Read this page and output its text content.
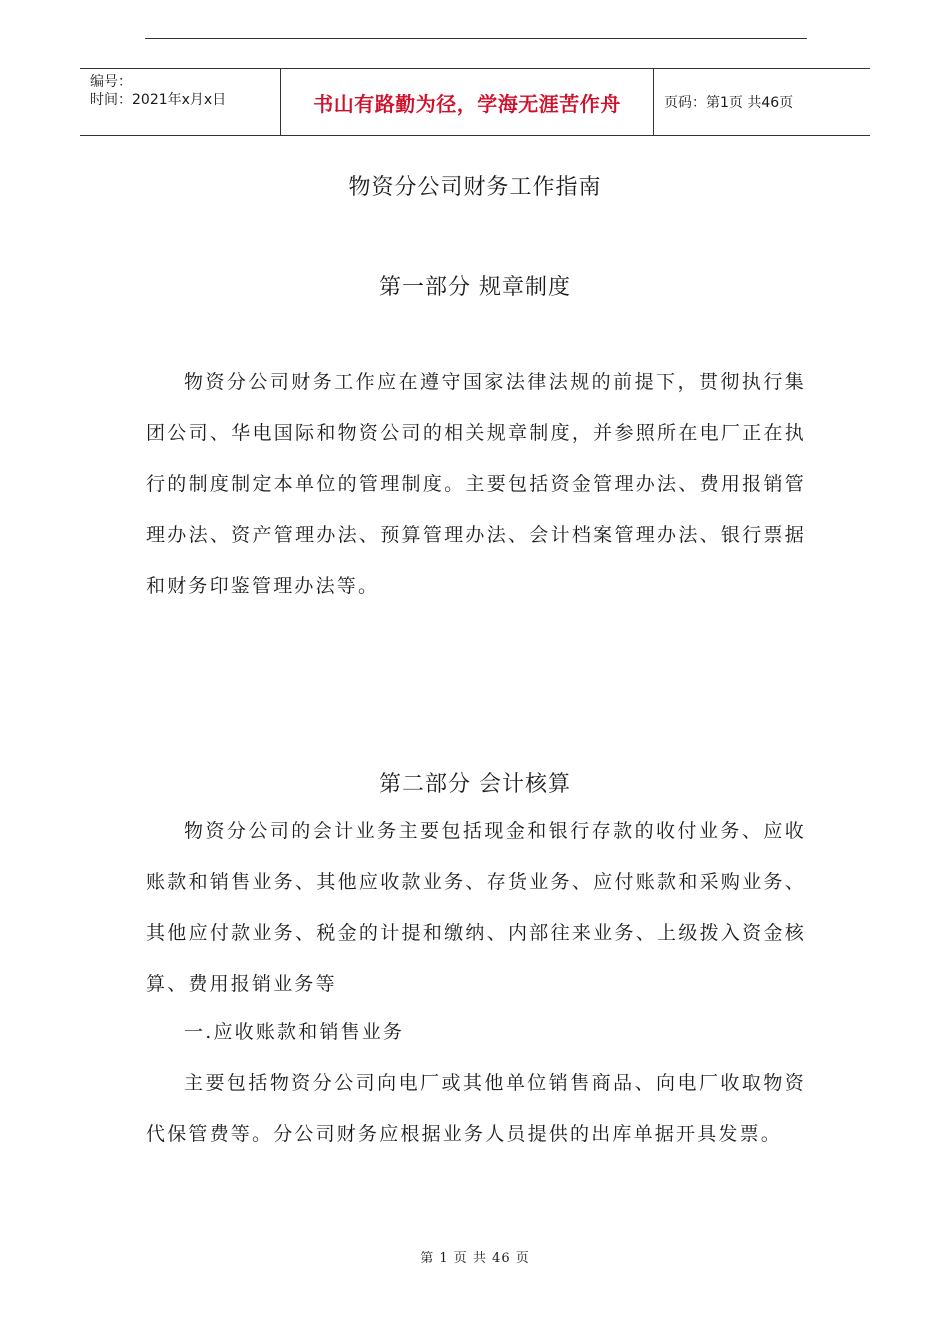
编号：
时间：2021年x月x日	书山有路勤为径，学海无涯苦作舟	页码：第1页 共46页
物资分公司财务工作指南
第一部分 规章制度

物资分公司财务工作应在遵守国家法律法规的前提下，贯彻执行集团公司、华电国际和物资公司的相关规章制度，并参照所在电厂正在执行的制度制定本单位的管理制度。主要包括资金管理办法、费用报销管理办法、资产管理办法、预算管理办法、会计档案管理办法、银行票据和财务印鉴管理办法等。

第二部分 会计核算

物资分公司的会计业务主要包括现金和银行存款的收付业务、应收账款和销售业务、其他应收款业务、存货业务、应付账款和采购业务、其他应付款业务、税金的计提和缴纳、内部往来业务、上级拨入资金核算、费用报销业务等

一.应收账款和销售业务

主要包括物资分公司向电厂或其他单位销售商品、向电厂收取物资代保管费等。分公司财务应根据业务人员提供的出库单据开具发票。

第 1 页 共 46 页
